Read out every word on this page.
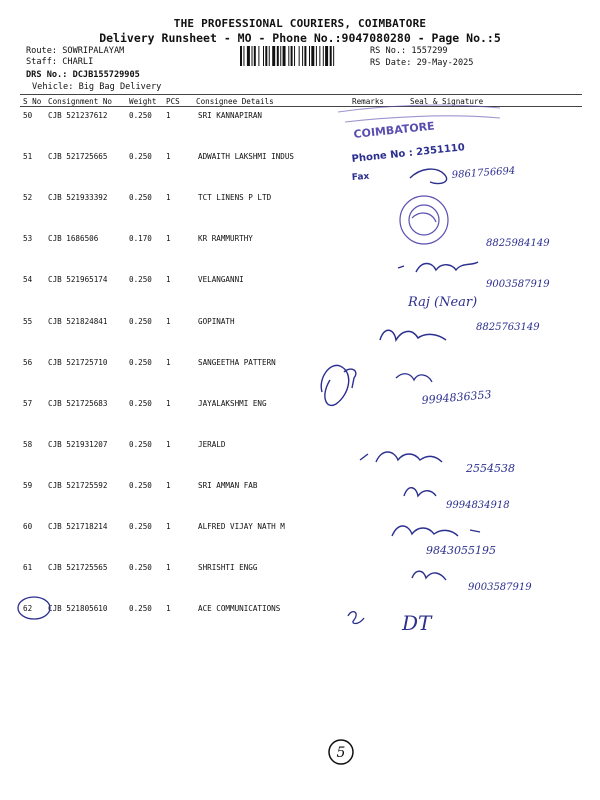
THE PROFESSIONAL COURIERS, COIMBATORE
Delivery Runsheet - MO - Phone No.:9047080280 - Page No.:5
Route: SOWRIPALAYAM
Staff: CHARLI
DRS No.: DCJB155729905
Vehicle: Big Bag Delivery
RS No.: 1557299
RS Date: 29-May-2025
S No Consignment No Weight PCS Consignee Details	Remarks	Seal & Signature
50 CJB 521237612	0.250 1	SRI KANNAPIRAN
51 CJB 521725665	0.250 1	ADWAITH LAKSHMI INDUS
52 CJB 521933392	0.250 1	TCT LINENS P LTD
53 CJB 1686506	0.170 1	KR RAMMURTHY
54 CJB 521965174	0.250 1	VELANGANNI
55 CJB 521824841	0.250 1	GOPINATH
56 CJB 521725710	0.250 1	SANGEETHA PATTERN
57 CJB 521725683	0.250 1	JAYALAKSHMI ENG
58 CJB 521931207	0.250 1	JERALD
59 CJB 521725592	0.250 1	SRI AMMAN FAB
60 CJB 521718214	0.250 1	ALFRED VIJAY NATH M
61 CJB 521725565	0.250 1	SHRISHTI ENGG
62 CJB 521805610	0.250 1	ACE COMMUNICATIONS
COIMBATORE
Phone No : 2351110
Fax	9861756694
8825984149
9003587919
Raj (Near)
8825763149
9994836353
2554538
9994834918
9843055195
9003587919
DT
5
